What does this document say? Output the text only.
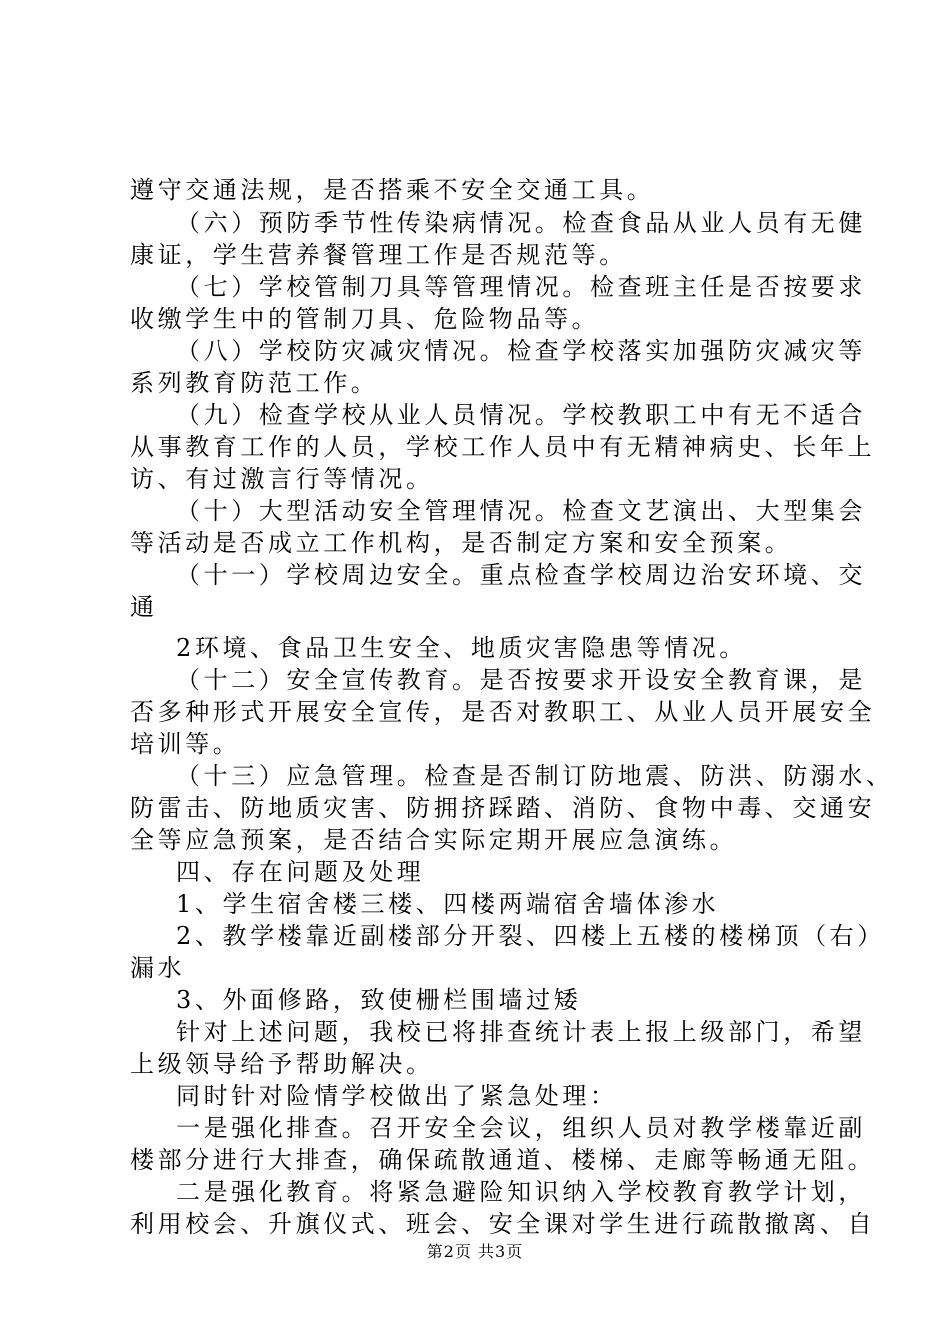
遵守交通法规，是否搭乘不安全交通工具。
（六）预防季节性传染病情况。检查食品从业人员有无健
康证，学生营养餐管理工作是否规范等。
（七）学校管制刀具等管理情况。检查班主任是否按要求
收缴学生中的管制刀具、危险物品等。
（八）学校防灾减灾情况。检查学校落实加强防灾减灾等
系列教育防范工作。
（九）检查学校从业人员情况。学校教职工中有无不适合
从事教育工作的人员，学校工作人员中有无精神病史、长年上
访、有过激言行等情况。
（十）大型活动安全管理情况。检查文艺演出、大型集会
等活动是否成立工作机构，是否制定方案和安全预案。
（十一）学校周边安全。重点检查学校周边治安环境、交
通
2环境、食品卫生安全、地质灾害隐患等情况。
（十二）安全宣传教育。是否按要求开设安全教育课，是
否多种形式开展安全宣传，是否对教职工、从业人员开展安全
培训等。
（十三）应急管理。检查是否制订防地震、防洪、防溺水、
防雷击、防地质灾害、防拥挤踩踏、消防、食物中毒、交通安
全等应急预案，是否结合实际定期开展应急演练。
四、存在问题及处理
1、学生宿舍楼三楼、四楼两端宿舍墙体渗水
2、教学楼靠近副楼部分开裂、四楼上五楼的楼梯顶（右）
漏水
3、外面修路，致使栅栏围墙过矮
针对上述问题，我校已将排查统计表上报上级部门，希望
上级领导给予帮助解决。
同时针对险情学校做出了紧急处理：
一是强化排查。召开安全会议，组织人员对教学楼靠近副
楼部分进行大排查，确保疏散通道、楼梯、走廊等畅通无阻。
二是强化教育。将紧急避险知识纳入学校教育教学计划，
利用校会、升旗仪式、班会、安全课对学生进行疏散撤离、自
第2页 共3页
